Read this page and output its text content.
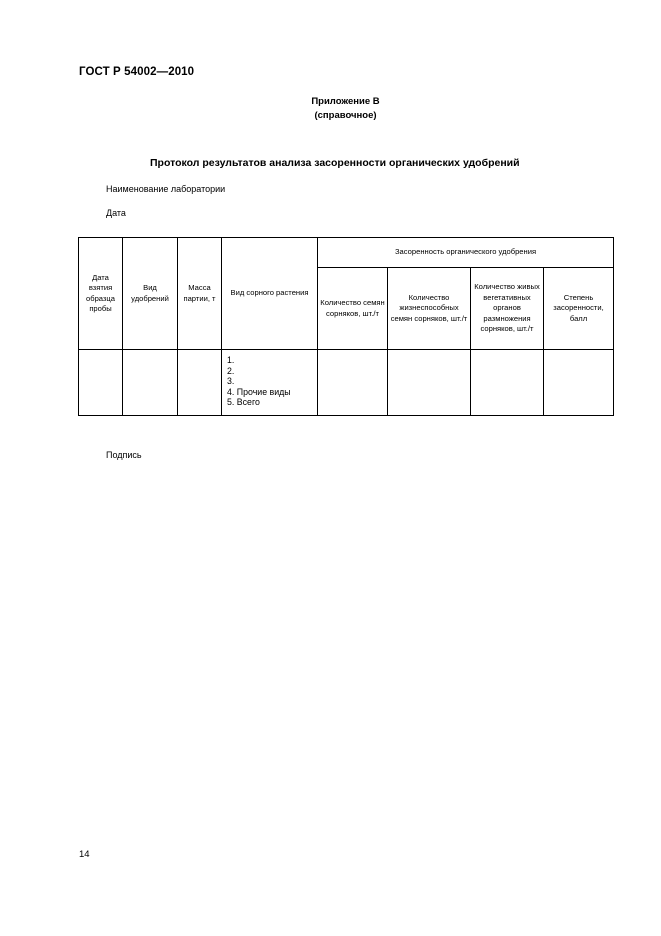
ГОСТ Р 54002—2010
Приложение В
(справочное)
Протокол результатов анализа засоренности органических удобрений
Наименование лаборатории
Дата
Дата взятия образца пробы	Вид удобрений	Масса партии, т	Вид сорного растения	Засоренность органического удобрения			
				Количество семян сорняков, шт./т	Количество жизнеспособных семян сорняков, шт./т	Количество живых вегетативных органов размножения сорняков, шт./т	Степень засоренности, балл

			1.
2.
3.
4. Прочие виды
5. Всего				

Подпись
14
